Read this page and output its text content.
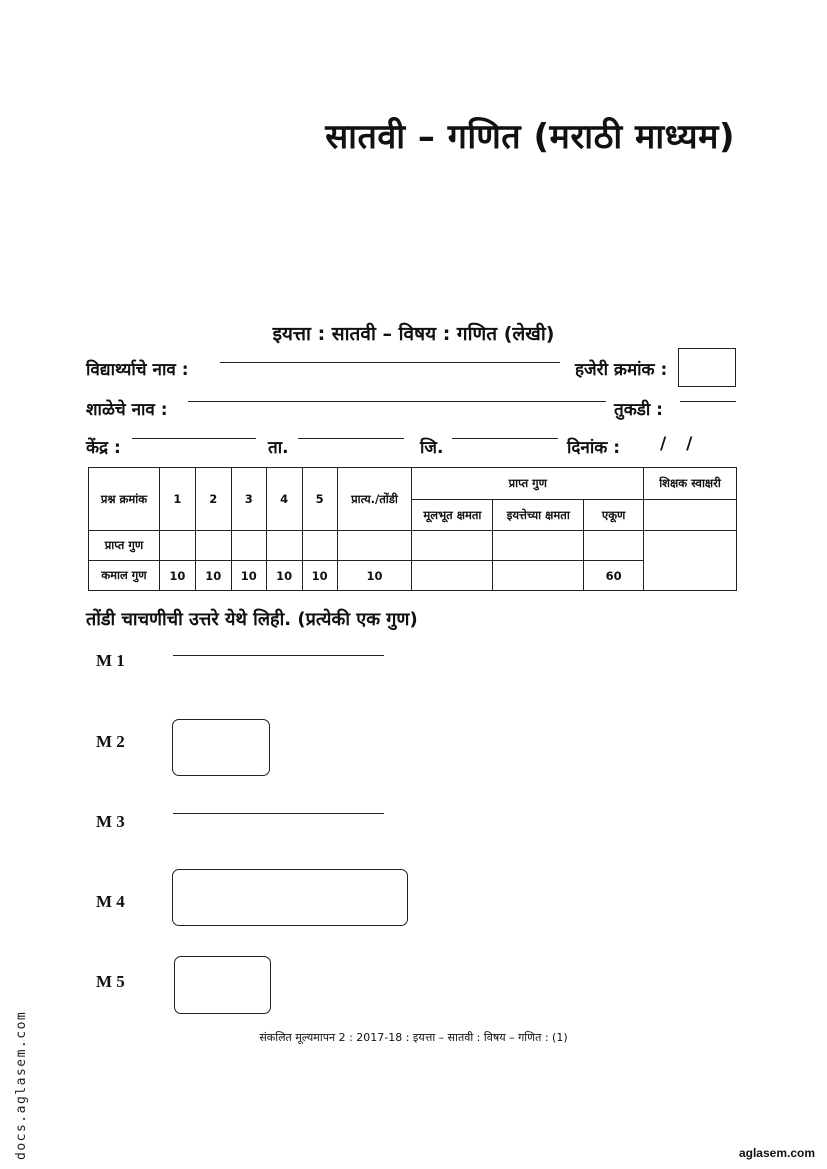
सातवी – गणित (मराठी माध्यम)
इयत्ता : सातवी – विषय : गणित (लेखी)
विद्यार्थ्याचे नाव :	हजेरी क्रमांक :
शाळेचे नाव :	तुकडी :
केंद्र :	ता.	जि.	दिनांक : / /
प्रश्न क्रमांक	1	2	3	4	5	प्रात्य./तोंडी	प्राप्त गुण			शिक्षक स्वाक्षरी
							मूलभूत क्षमता	इयत्तेच्या क्षमता	एकूण	
प्राप्त गुण										
कमाल गुण	10	10	10	10	10	10			60	
तोंडी चाचणीची उत्तरे येथे लिही. (प्रत्येकी एक गुण)
M 1
M 2
M 3
M 4
M 5
संकलित मूल्यमापन 2 : 2017-18 : इयत्ता – सातवी : विषय – गणित : (1)
docs.aglasem.com	aglasem.com
